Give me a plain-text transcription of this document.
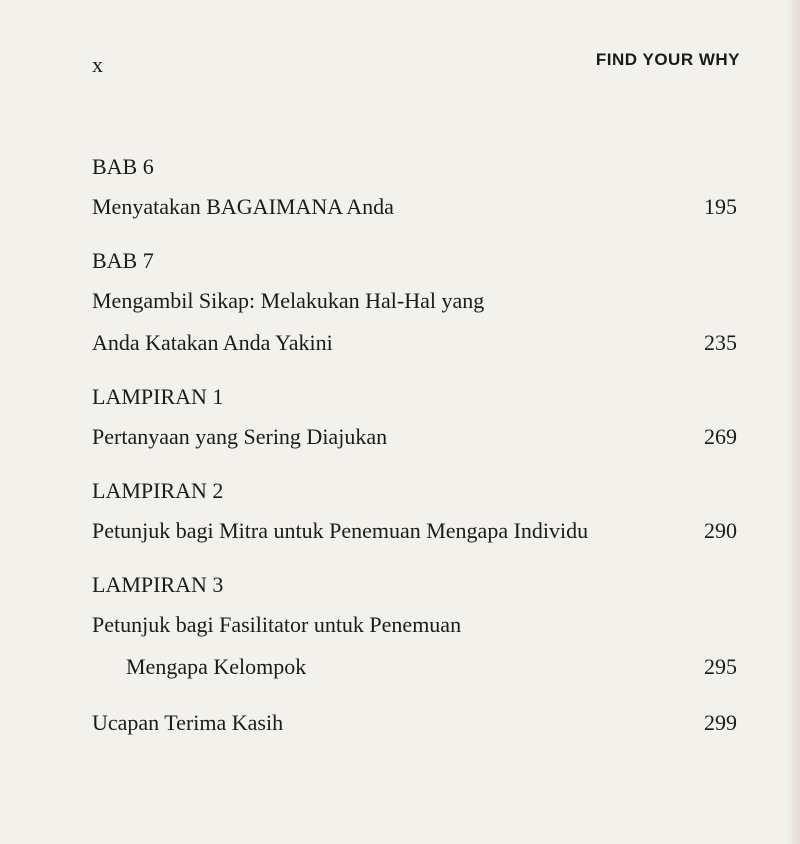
x	FIND YOUR WHY
BAB 6
Menyatakan BAGAIMANA Anda	195
BAB 7
Mengambil Sikap: Melakukan Hal-Hal yang
Anda Katakan Anda Yakini	235
LAMPIRAN 1
Pertanyaan yang Sering Diajukan	269
LAMPIRAN 2
Petunjuk bagi Mitra untuk Penemuan Mengapa Individu	290
LAMPIRAN 3
Petunjuk bagi Fasilitator untuk Penemuan
Mengapa Kelompok	295
Ucapan Terima Kasih	299
